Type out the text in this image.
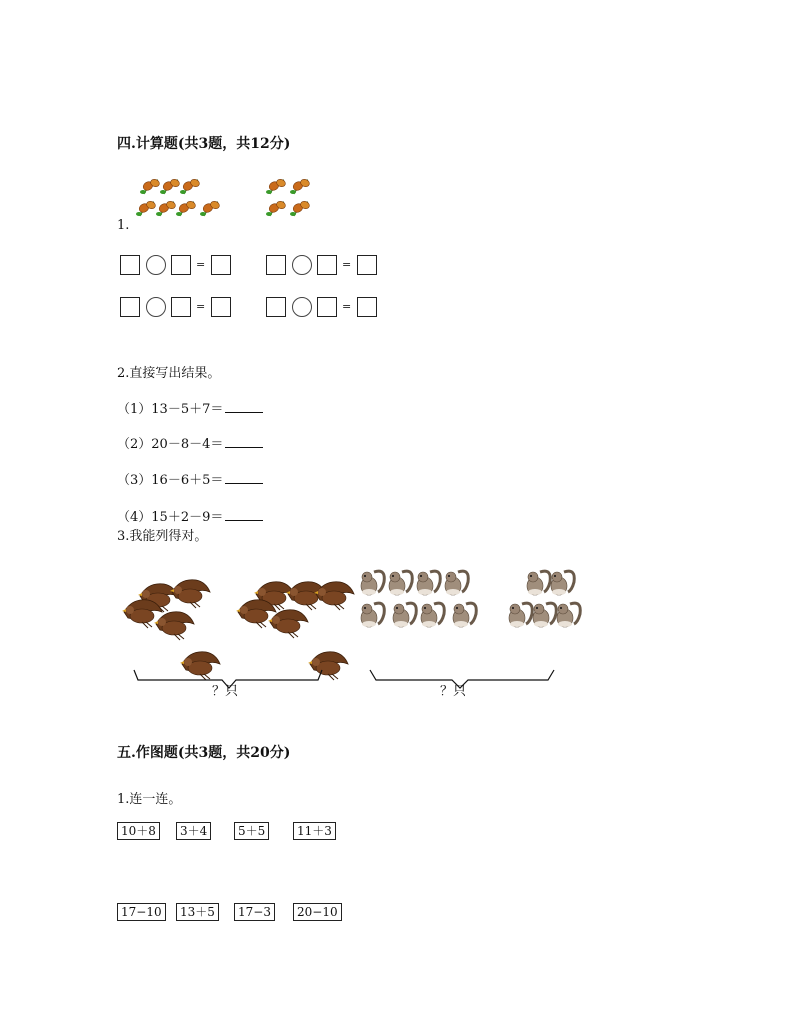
四.计算题(共3题，共12分)
1.
=	=
=	=
2.直接写出结果。
（1）13－5＋7＝
（2）20－8－4＝
（3）16－6＋5＝
（4）15＋2－9＝
3.我能列得对。
？只	？只
五.作图题(共3题，共20分)
1.连一连。
10＋8	3＋4	5＋5	11＋3
17−10	13＋5	17−3	20−10
